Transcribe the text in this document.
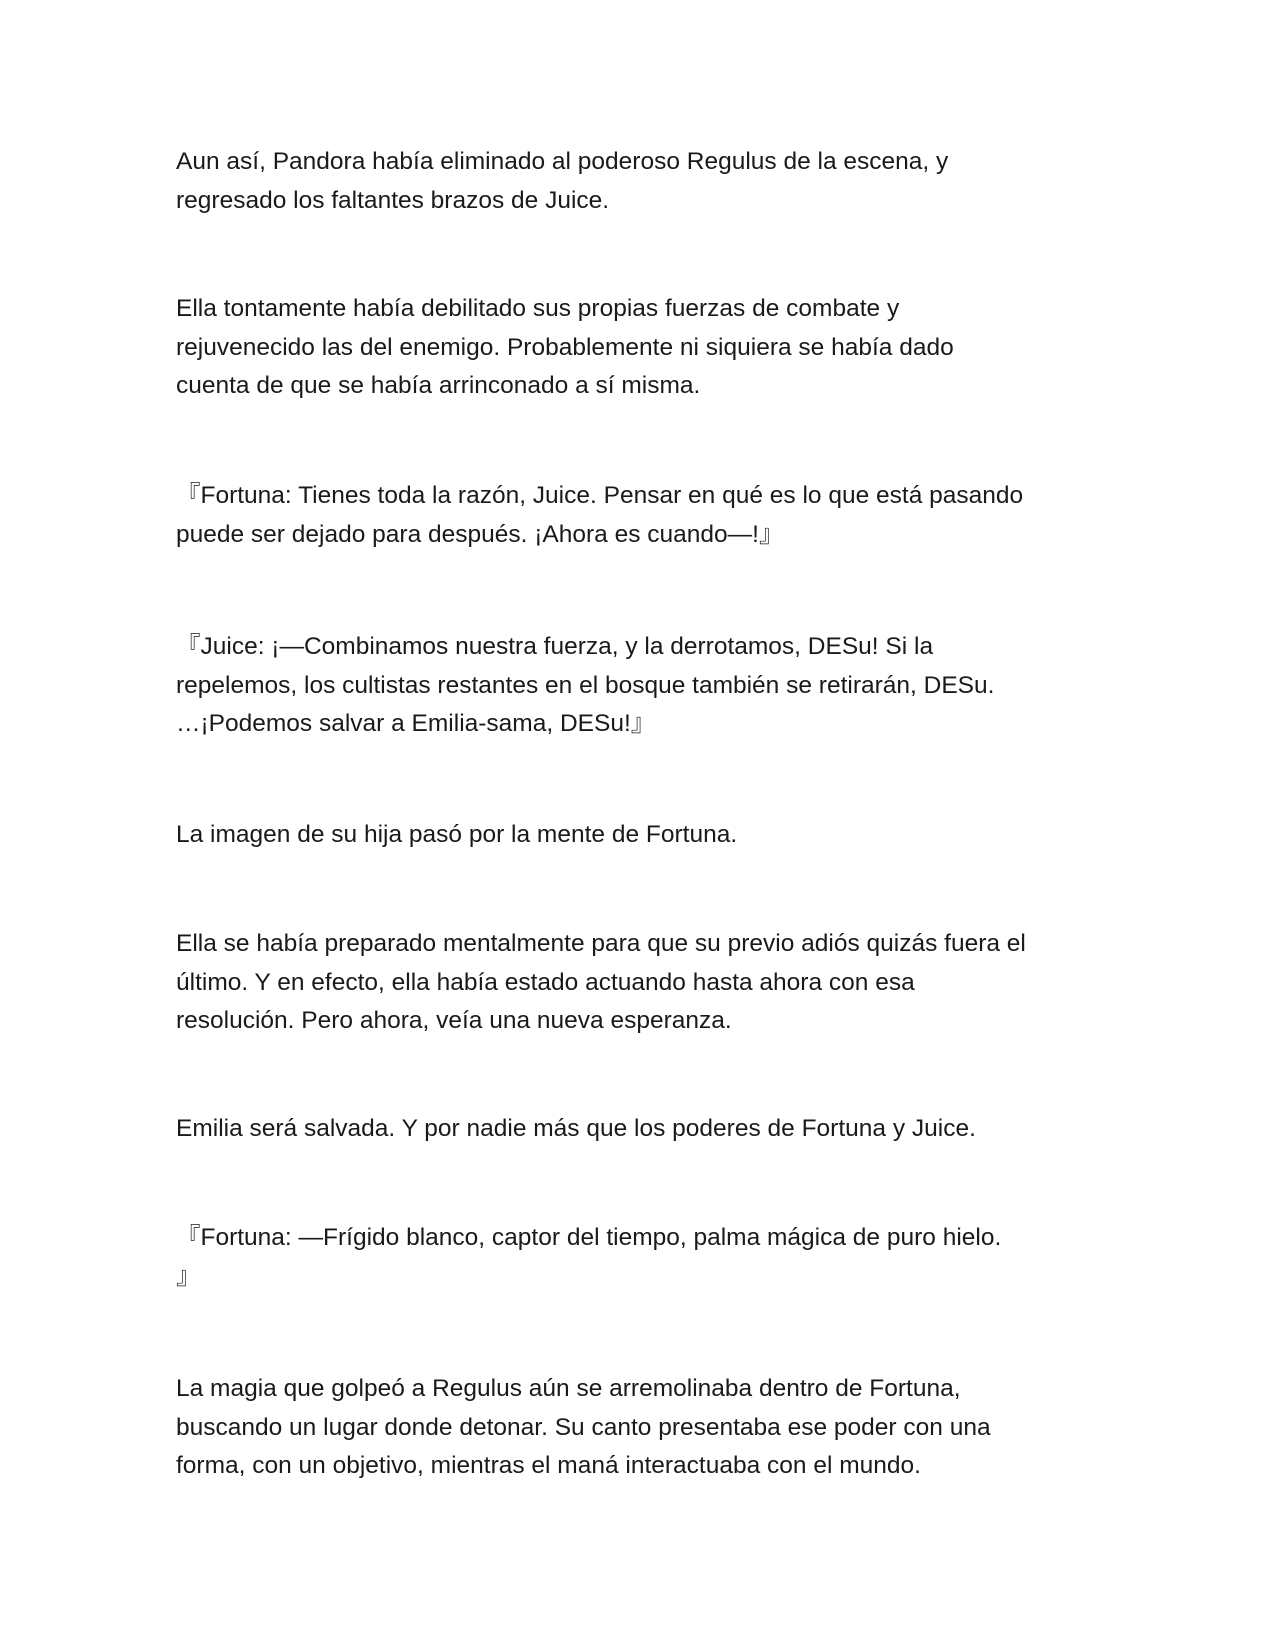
Aun así, Pandora había eliminado al poderoso Regulus de la escena, y
regresado los faltantes brazos de Juice.

Ella tontamente había debilitado sus propias fuerzas de combate y
rejuvenecido las del enemigo. Probablemente ni siquiera se había dado
cuenta de que se había arrinconado a sí misma.

『Fortuna: Tienes toda la razón, Juice. Pensar en qué es lo que está pasando
puede ser dejado para después. ¡Ahora es cuando—!』

『Juice: ¡—Combinamos nuestra fuerza, y la derrotamos, DESu! Si la
repelemos, los cultistas restantes en el bosque también se retirarán, DESu.
…¡Podemos salvar a Emilia-sama, DESu!』

La imagen de su hija pasó por la mente de Fortuna.

Ella se había preparado mentalmente para que su previo adiós quizás fuera el
último. Y en efecto, ella había estado actuando hasta ahora con esa
resolución. Pero ahora, veía una nueva esperanza.

Emilia será salvada. Y por nadie más que los poderes de Fortuna y Juice.

『Fortuna: —Frígido blanco, captor del tiempo, palma mágica de puro hielo.
』

La magia que golpeó a Regulus aún se arremolinaba dentro de Fortuna,
buscando un lugar donde detonar. Su canto presentaba ese poder con una
forma, con un objetivo, mientras el maná interactuaba con el mundo.
